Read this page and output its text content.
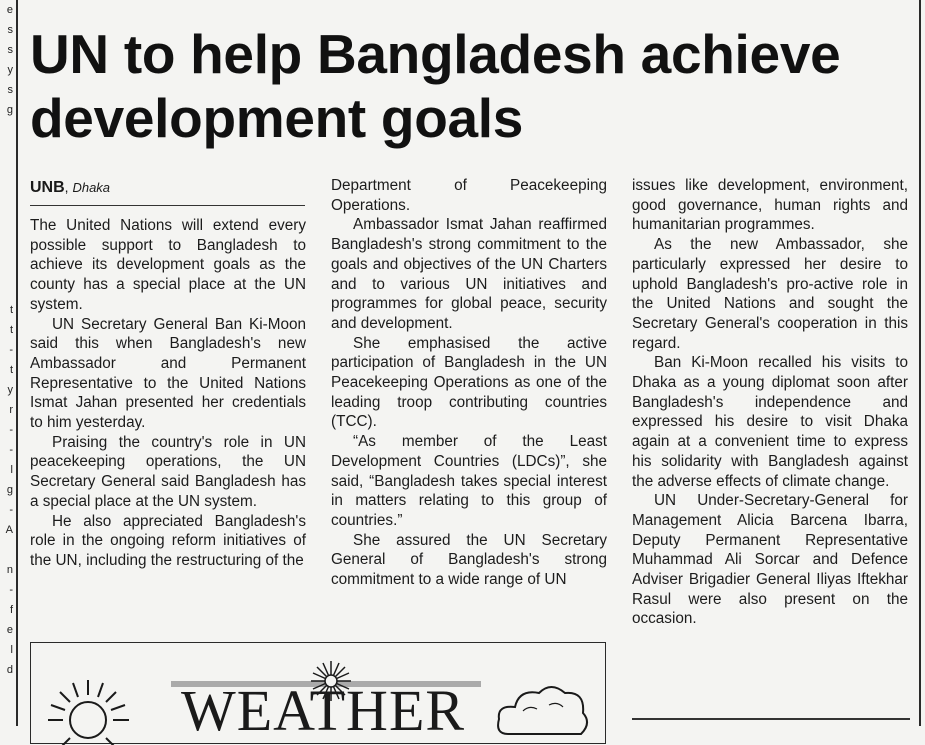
e
s
s
y
s
g
t
t
-
t
y
r
-
-
l
g
-
A
n
-
f
e
l
d
UN to help Bangladesh achieve development goals
UNB, Dhaka

The United Nations will extend every possible support to Bangladesh to achieve its development goals as the county has a special place at the UN system.

UN Secretary General Ban Ki-Moon said this when Bangladesh's new Ambassador and Permanent Representative to the United Nations Ismat Jahan presented her credentials to him yesterday.

Praising the country's role in UN peacekeeping operations, the UN Secretary General said Bangladesh has a special place at the UN system.

He also appreciated Bangladesh's role in the ongoing reform initiatives of the UN, including the restructuring of the

Department of Peacekeeping Operations.

Ambassador Ismat Jahan reaffirmed Bangladesh's strong commitment to the goals and objectives of the UN Charters and to various UN initiatives and programmes for global peace, security and development.

She emphasised the active participation of Bangladesh in the UN Peacekeeping Operations as one of the leading troop contributing countries (TCC).

“As member of the Least Development Countries (LDCs)”, she said, “Bangladesh takes special interest in matters relating to this group of countries.”

She assured the UN Secretary General of Bangladesh's strong commitment to a wide range of UN

issues like development, environment, good governance, human rights and humanitarian programmes.

As the new Ambassador, she particularly expressed her desire to uphold Bangladesh's pro-active role in the United Nations and sought the Secretary General's cooperation in this regard.

Ban Ki-Moon recalled his visits to Dhaka as a young diplomat soon after Bangladesh's independence and expressed his desire to visit Dhaka again at a convenient time to express his solidarity with Bangladesh against the adverse effects of climate change.

UN Under-Secretary-General for Management Alicia Barcena Ibarra, Deputy Permanent Representative Muhammad Ali Sorcar and Defence Adviser Brigadier General Iliyas Iftekhar Rasul were also present on the occasion.

WEATHER
